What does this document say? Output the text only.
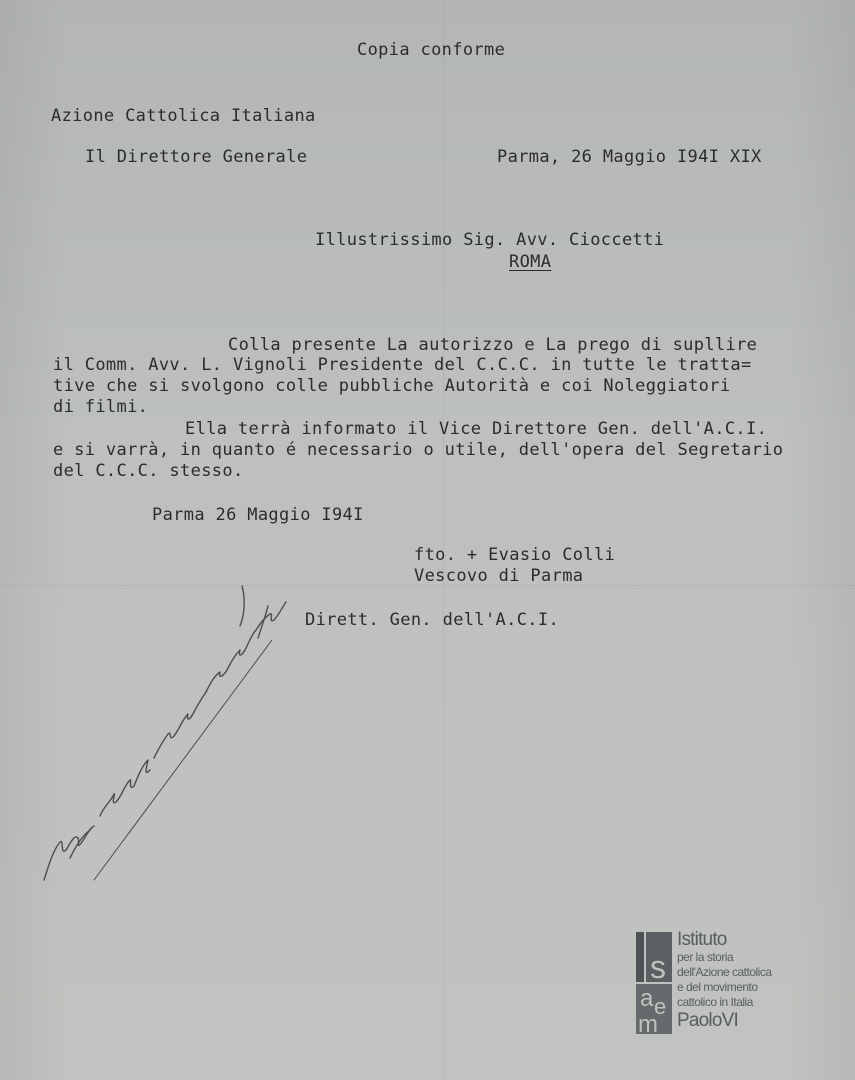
Copia conforme
Azione Cattolica Italiana
Il Direttore Generale	Parma, 26 Maggio I94I XIX
Illustrissimo Sig. Avv. Cioccetti
ROMA
Colla presente La autorizzo e La prego di supllire
il Comm. Avv. L. Vignoli Presidente del C.C.C. in tutte le tratta=
tive che si svolgono colle pubbliche Autorità e coi Noleggiatori
di filmi.
Ella terrà informato il Vice Direttore Gen. dell'A.C.I.
e si varrà, in quanto é necessario o utile, dell'opera del Segretario
del C.C.C. stesso.
Parma 26 Maggio I94I
fto. + Evasio Colli
Vescovo di Parma
Dirett. Gen. dell'A.C.I.
s
a e
m
Istituto
per la storia
dell'Azione cattolica
e del movimento
cattolico in Italia
PaoloVI
